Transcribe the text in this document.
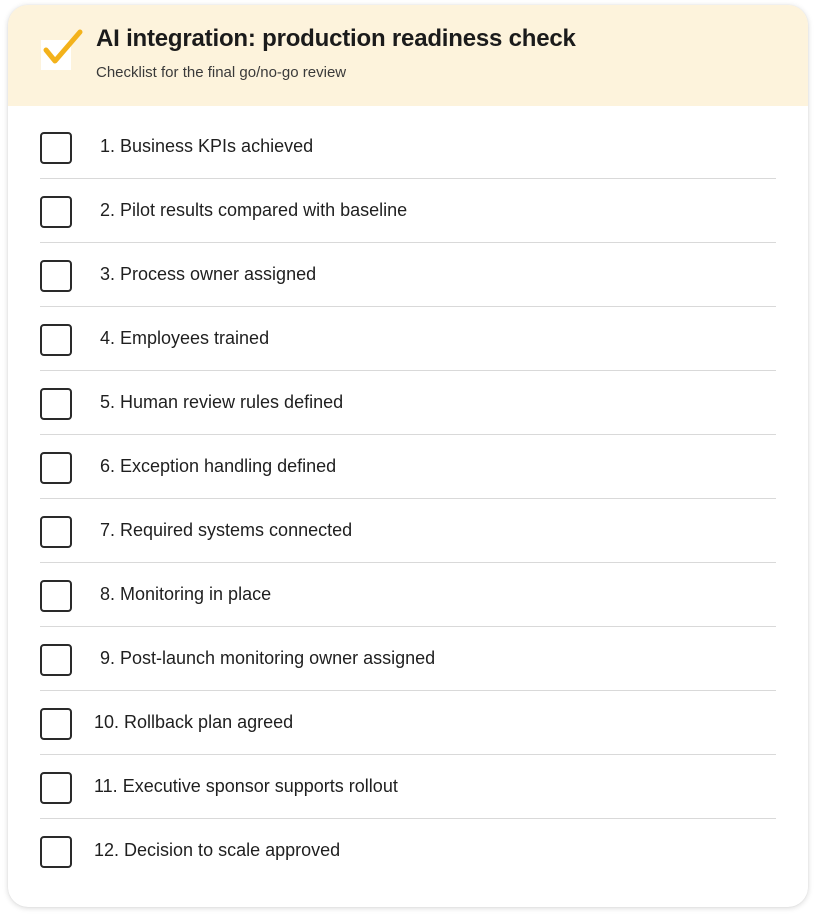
AI integration: production readiness check
Checklist for the final go/no-go review
1. Business KPIs achieved
2. Pilot results compared with baseline
3. Process owner assigned
4. Employees trained
5. Human review rules defined
6. Exception handling defined
7. Required systems connected
8. Monitoring in place
9. Post-launch monitoring owner assigned
10. Rollback plan agreed
11. Executive sponsor supports rollout
12. Decision to scale approved
